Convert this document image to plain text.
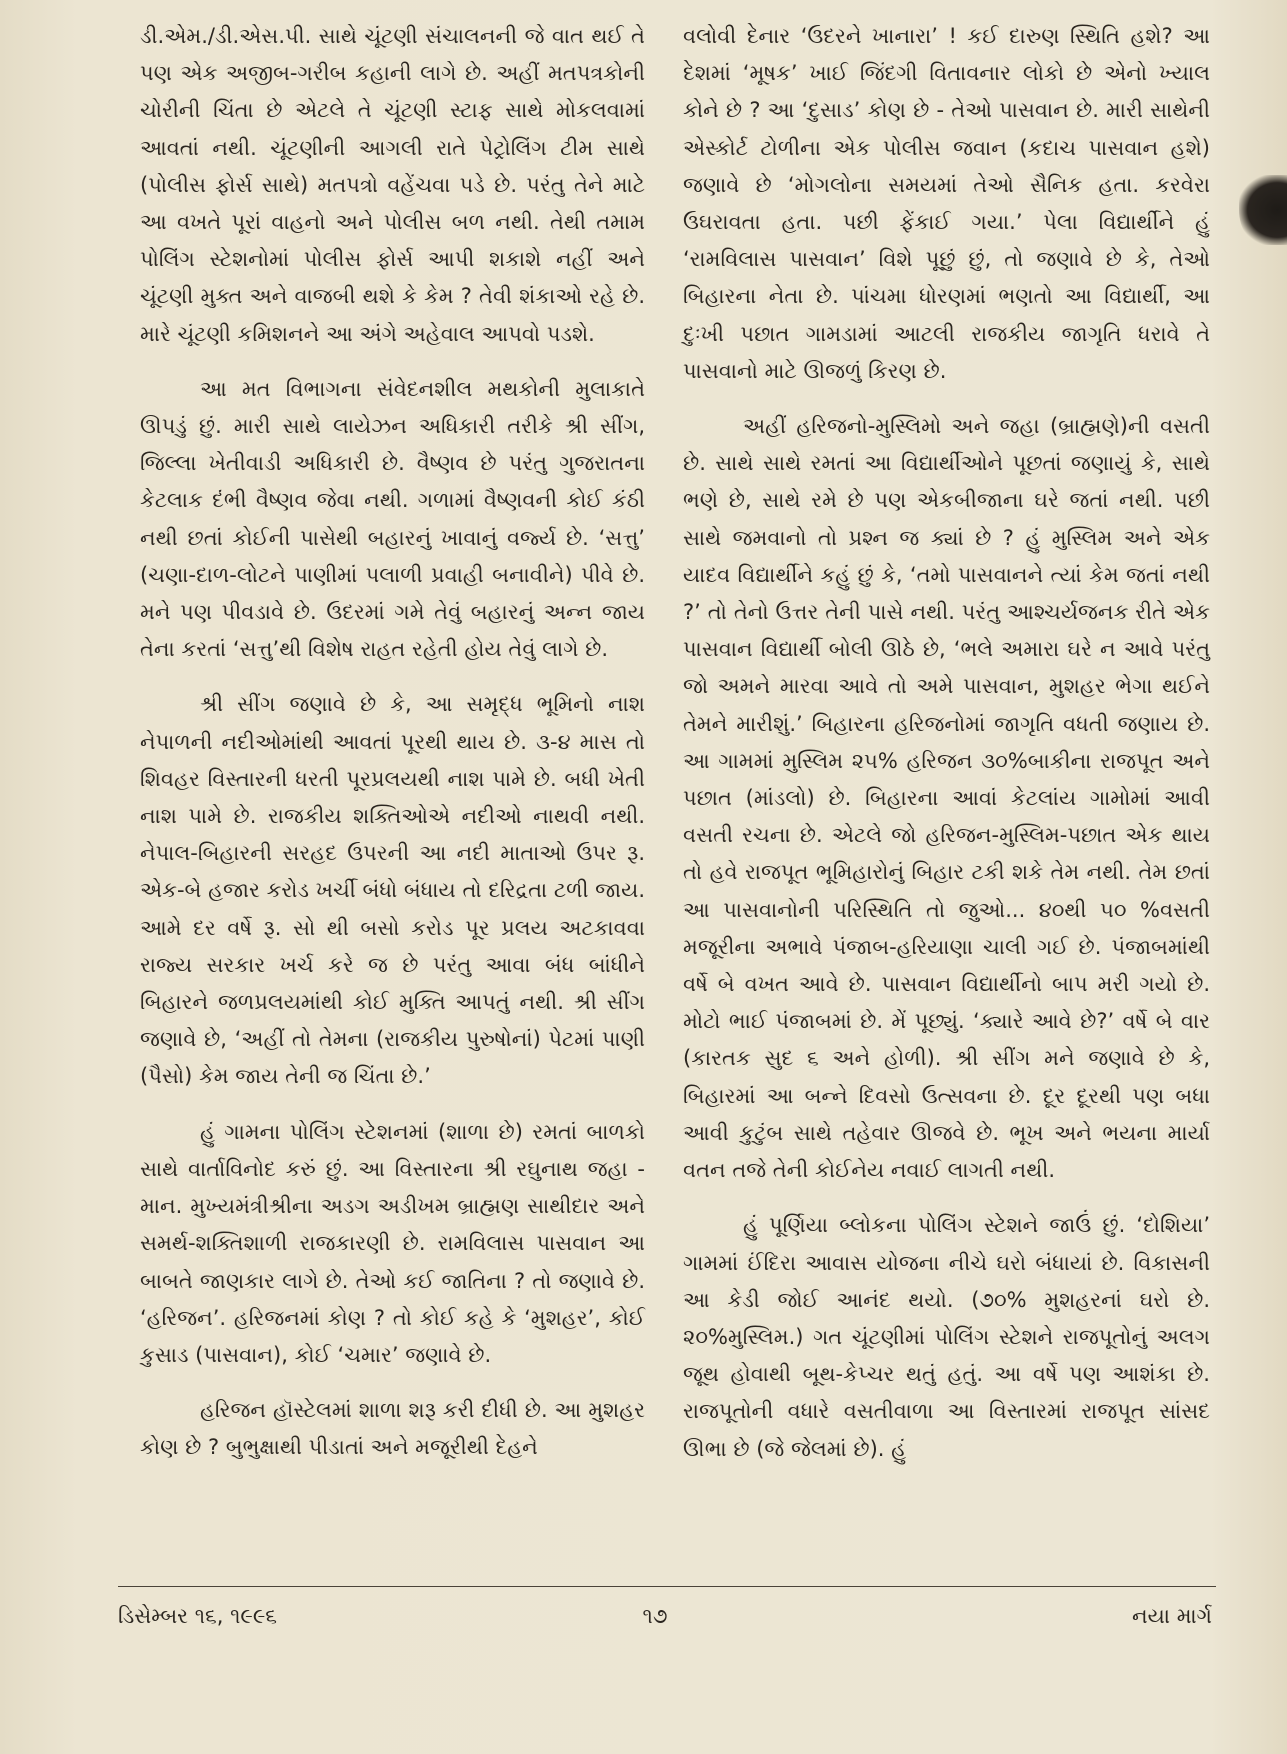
ડી.એમ./ડી.એસ.પી. સાથે ચૂંટણી સંચાલનની જે વાત થઈ તે પણ એક અજીબ-ગરીબ કહાની લાગે છે. અહીં મતપત્રકોની ચોરીની ચિંતા છે એટલે તે ચૂંટણી સ્ટાફ સાથે મોકલવામાં આવતાં નથી. ચૂંટણીની આગલી રાતે પેટ્રોલિંગ ટીમ સાથે (પોલીસ ફોર્સ સાથે) મતપત્રો વહેંચવા પડે છે. પરંતુ તેને માટે આ વખતે પૂરાં વાહનો અને પોલીસ બળ નથી. તેથી તમામ પોલિંગ સ્ટેશનોમાં પોલીસ ફોર્સ આપી શકાશે નહીં અને ચૂંટણી મુક્ત અને વાજબી થશે કે કેમ ? તેવી શંકાઓ રહે છે. મારે ચૂંટણી કમિશનને આ અંગે અહેવાલ આપવો પડશે.

આ મત વિભાગના સંવેદનશીલ મથકોની મુલાકાતે ઊપડું છું. મારી સાથે લાયેઝન અધિકારી તરીકે શ્રી સીંગ, જિલ્લા ખેતીવાડી અધિકારી છે. વૈષ્ણવ છે પરંતુ ગુજરાતના કેટલાક દંભી વૈષ્ણવ જેવા નથી. ગળામાં વૈષ્ણવની કોઈ કંઠી નથી છતાં કોઈની પાસેથી બહારનું ખાવાનું વર્જ્ય છે. ‘સત્તુ’ (ચણા-દાળ-લોટને પાણીમાં પલાળી પ્રવાહી બનાવીને) પીવે છે. મને પણ પીવડાવે છે. ઉદરમાં ગમે તેવું બહારનું અન્ન જાય તેના કરતાં ‘સત્તુ’થી વિશેષ રાહત રહેતી હોય તેવું લાગે છે.

શ્રી સીંગ જણાવે છે કે, આ સમૃદ્ધ ભૂમિનો નાશ નેપાળની નદીઓમાંથી આવતાં પૂરથી થાય છે. ૩-૪ માસ તો શિવહર વિસ્તારની ધરતી પૂરપ્રલયથી નાશ પામે છે. બધી ખેતી નાશ પામે છે. રાજકીય શક્તિઓએ નદીઓ નાથવી નથી. નેપાલ-બિહારની સરહદ ઉપરની આ નદી માતાઓ ઉપર રૂ. એક-બે હજાર કરોડ ખર્ચી બંધો બંધાય તો દરિદ્રતા ટળી જાય. આમે દર વર્ષે રૂ. સો થી બસો કરોડ પૂર પ્રલય અટકાવવા રાજ્ય સરકાર ખર્ચ કરે જ છે પરંતુ આવા બંધ બાંધીને બિહારને જળપ્રલયમાંથી કોઈ મુક્તિ આપતું નથી. શ્રી સીંગ જણાવે છે, ‘અહીં તો તેમના (રાજકીય પુરુષોનાં) પેટમાં પાણી (પૈસો) કેમ જાય તેની જ ચિંતા છે.’

હું ગામના પોલિંગ સ્ટેશનમાં (શાળા છે) રમતાં બાળકો સાથે વાર્તાવિનોદ કરું છું. આ વિસ્તારના શ્રી રઘુનાથ જહા - માન. મુખ્યમંત્રીશ્રીના અડગ અડીખમ બ્રાહ્મણ સાથીદાર અને સમર્થ-શક્તિશાળી રાજકારણી છે. રામવિલાસ પાસવાન આ બાબતે જાણકાર લાગે છે. તેઓ કઈ જાતિના ? તો જણાવે છે. ‘હરિજન’. હરિજનમાં કોણ ? તો કોઈ કહે કે ‘મુશહર’, કોઈ કુસાડ (પાસવાન), કોઈ ‘ચમાર’ જણાવે છે.

હરિજન હૉસ્ટેલમાં શાળા શરૂ કરી દીધી છે. આ મુશહર કોણ છે ? બુભુક્ષાથી પીડાતાં અને મજૂરીથી દેહને

વલોવી દેનાર ‘ઉદરને ખાનારા’ ! કઈ દારુણ સ્થિતિ હશે? આ દેશમાં ‘મૂષક’ ખાઈ જિંદગી વિતાવનાર લોકો છે એનો ખ્યાલ કોને છે ? આ ‘દુસાડ’ કોણ છે - તેઓ પાસવાન છે. મારી સાથેની એસ્કોર્ટ ટોળીના એક પોલીસ જવાન (કદાચ પાસવાન હશે) જણાવે છે ‘મોગલોના સમયમાં તેઓ સૈનિક હતા. કરવેરા ઉઘરાવતા હતા. પછી ફેંકાઈ ગયા.’ પેલા વિદ્યાર્થીને હું ‘રામવિલાસ પાસવાન’ વિશે પૂછું છું, તો જણાવે છે કે, તેઓ બિહારના નેતા છે. પાંચમા ધોરણમાં ભણતો આ વિદ્યાર્થી, આ દુઃખી પછાત ગામડામાં આટલી રાજકીય જાગૃતિ ધરાવે તે પાસવાનો માટે ઊજળું કિરણ છે.

અહીં હરિજનો-મુસ્લિમો અને જહા (બ્રાહ્મણે)ની વસતી છે. સાથે સાથે રમતાં આ વિદ્યાર્થીઓને પૂછતાં જણાયું કે, સાથે ભણે છે, સાથે રમે છે પણ એકબીજાના ઘરે જતાં નથી. પછી સાથે જમવાનો તો પ્રશ્ન જ ક્યાં છે ? હું મુસ્લિમ અને એક યાદવ વિદ્યાર્થીને કહું છું કે, ‘તમો પાસવાનને ત્યાં કેમ જતાં નથી ?’ તો તેનો ઉત્તર તેની પાસે નથી. પરંતુ આશ્ચર્યજનક રીતે એક પાસવાન વિદ્યાર્થી બોલી ઊઠે છે, ‘ભલે અમારા ઘરે ન આવે પરંતુ જો અમને મારવા આવે તો અમે પાસવાન, મુશહર ભેગા થઈને તેમને મારીશું.’ બિહારના હરિજનોમાં જાગૃતિ વધતી જણાય છે. આ ગામમાં મુસ્લિમ ૨૫% હરિજન ૩૦%બાકીના રાજપૂત અને પછાત (માંડલો) છે. બિહારના આવાં કેટલાંય ગામોમાં આવી વસતી રચના છે. એટલે જો હરિજન-મુસ્લિમ-પછાત એક થાય તો હવે રાજપૂત ભૂમિહારોનું બિહાર ટકી શકે તેમ નથી. તેમ છતાં આ પાસવાનોની પરિસ્થિતિ તો જુઓ... ૪૦થી ૫૦ %વસતી મજૂરીના અભાવે પંજાબ-હરિયાણા ચાલી ગઈ છે. પંજાબમાંથી વર્ષે બે વખત આવે છે. પાસવાન વિદ્યાર્થીનો બાપ મરી ગયો છે. મોટો ભાઈ પંજાબમાં છે. મેં પૂછ્યું. ‘ક્યારે આવે છે?’ વર્ષે બે વાર (કારતક સુદ ૬ અને હોળી). શ્રી સીંગ મને જણાવે છે કે, બિહારમાં આ બન્ને દિવસો ઉત્સવના છે. દૂર દૂરથી પણ બધા આવી કુટુંબ સાથે તહેવાર ઊજવે છે. ભૂખ અને ભયના માર્યા વતન તજે તેની કોઈનેય નવાઈ લાગતી નથી.

હું પૂર્ણિયા બ્લોકના પોલિંગ સ્ટેશને જાઉં છું. ‘દોશિયા’ ગામમાં ઈંદિરા આવાસ યોજના નીચે ઘરો બંધાયાં છે. વિકાસની આ કેડી જોઈ આનંદ થયો. (૭૦% મુશહરનાં ઘરો છે. ૨૦%મુસ્લિમ.) ગત ચૂંટણીમાં પોલિંગ સ્ટેશને રાજપૂતોનું અલગ જૂથ હોવાથી બૂથ-કેપ્ચર થતું હતું. આ વર્ષે પણ આશંકા છે. રાજપૂતોની વધારે વસતીવાળા આ વિસ્તારમાં રાજપૂત સાંસદ ઊભા છે (જે જેલમાં છે). હું

ડિસેમ્બર ૧૬, ૧૯૯૬	૧૭	નયા માર્ગ
